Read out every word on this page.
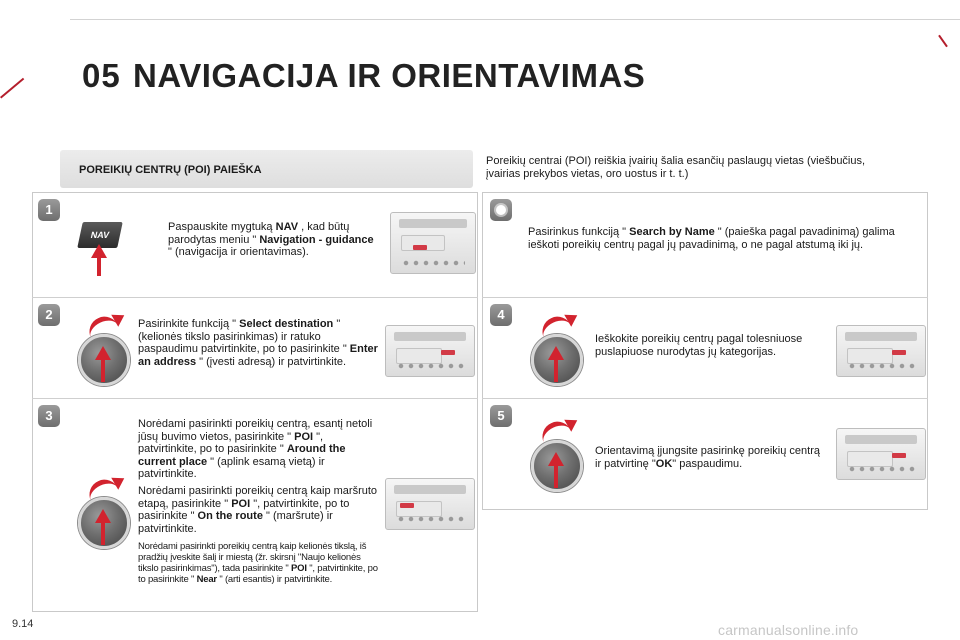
05 NAVIGACIJA IR ORIENTAVIMAS
POREIKIŲ CENTRŲ (POI) PAIEŠKA
Poreikių centrai (POI) reiškia įvairių šalia esančių paslaugų vietas (viešbučius, įvairias prekybos vietas, oro uostus ir t. t.)
1
NAV
Paspauskite mygtuką NAV , kad būtų parodytas meniu " Navigation - guidance " (navigacija ir orientavimas).
2
Pasirinkite funkciją " Select destination " (kelionės tikslo pasirinkimas) ir ratuko paspaudimu patvirtinkite, po to pasirinkite " Enter an address " (įvesti adresą) ir patvirtinkite.
3
Norėdami pasirinkti poreikių centrą, esantį netoli jūsų buvimo vietos, pasirinkite " POI ", patvirtinkite, po to pasirinkite " Around the current place " (aplink esamą vietą) ir patvirtinkite.
Norėdami pasirinkti poreikių centrą kaip maršruto etapą, pasirinkite " POI ", patvirtinkite, po to pasirinkite " On the route " (maršrute) ir patvirtinkite.
Norėdami pasirinkti poreikių centrą kaip kelionės tikslą, iš pradžių įveskite šalį ir miestą (žr. skirsnį "Naujo kelionės tikslo pasirinkimas"), tada pasirinkite " POI ", patvirtinkite, po to pasirinkite " Near " (arti esantis) ir patvirtinkite.
Pasirinkus funkciją " Search by Name " (paieška pagal pavadinimą) galima ieškoti poreikių centrų pagal jų pavadinimą, o ne pagal atstumą iki jų.
4
Ieškokite poreikių centrų pagal tolesniuose puslapiuose nurodytas jų kategorijas.
5
Orientavimą įjungsite pasirinkę poreikių centrą ir patvirtinę "OK" paspaudimu.
9.14	carmanualsonline.info
